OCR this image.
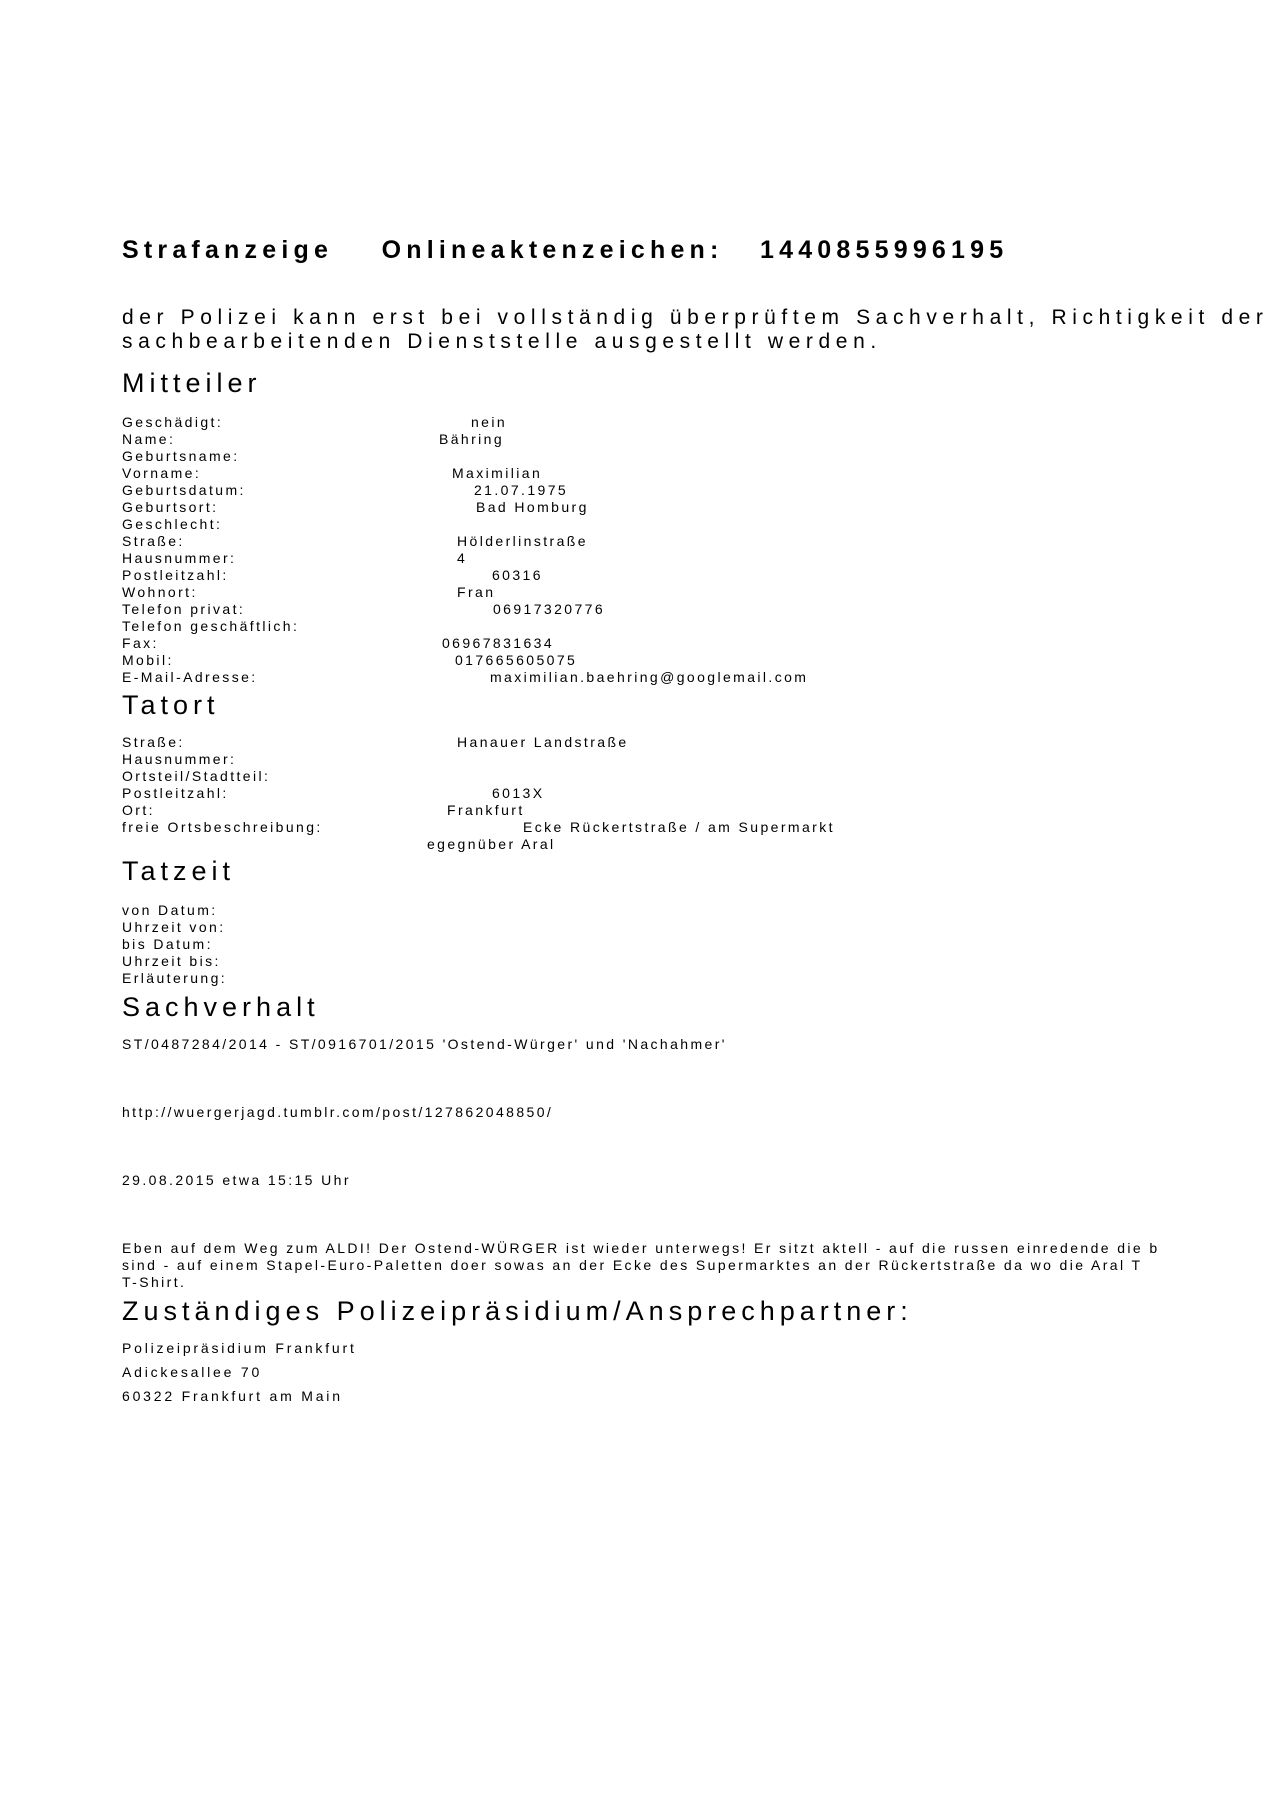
Strafanzeige    Onlineaktenzeichen:   1440855996195
der Polizei kann erst bei vollständig überprüftem Sachverhalt, Richtigkeit der
sachbearbeitenden Dienststelle ausgestellt werden.
Mitteiler
Geschädigt:	nein
Name:	Bähring
Geburtsname:
Vorname:	Maximilian
Geburtsdatum:	21.07.1975
Geburtsort:	Bad Homburg
Geschlecht:
Straße:	Hölderlinstraße
Hausnummer:	4
Postleitzahl:	60316
Wohnort:	Fran
Telefon privat:	06917320776
Telefon geschäftlich:
Fax:	06967831634
Mobil:	017665605075
E-Mail-Adresse:	maximilian.baehring@googlemail.com
Tatort
Straße:	Hanauer Landstraße
Hausnummer:
Ortsteil/Stadtteil:
Postleitzahl:	6013X
Ort:	Frankfurt
freie Ortsbeschreibung:	Ecke Rückertstraße / am Supermarkt
egegnüber Aral
Tatzeit
von Datum:
Uhrzeit von:
bis Datum:
Uhrzeit bis:
Erläuterung:
Sachverhalt
ST/0487284/2014 - ST/0916701/2015 'Ostend-Würger' und 'Nachahmer'
http://wuergerjagd.tumblr.com/post/127862048850/
29.08.2015 etwa 15:15 Uhr
Eben auf dem Weg zum ALDI! Der Ostend-WÜRGER ist wieder unterwegs! Er sitzt aktell - auf die russen einredende die b
sind - auf einem Stapel-Euro-Paletten doer sowas an der Ecke des Supermarktes an der Rückertstraße da wo die Aral T
T-Shirt.
Zuständiges Polizeipräsidium/Ansprechpartner:
Polizeipräsidium Frankfurt
Adickesallee 70
60322 Frankfurt am Main
